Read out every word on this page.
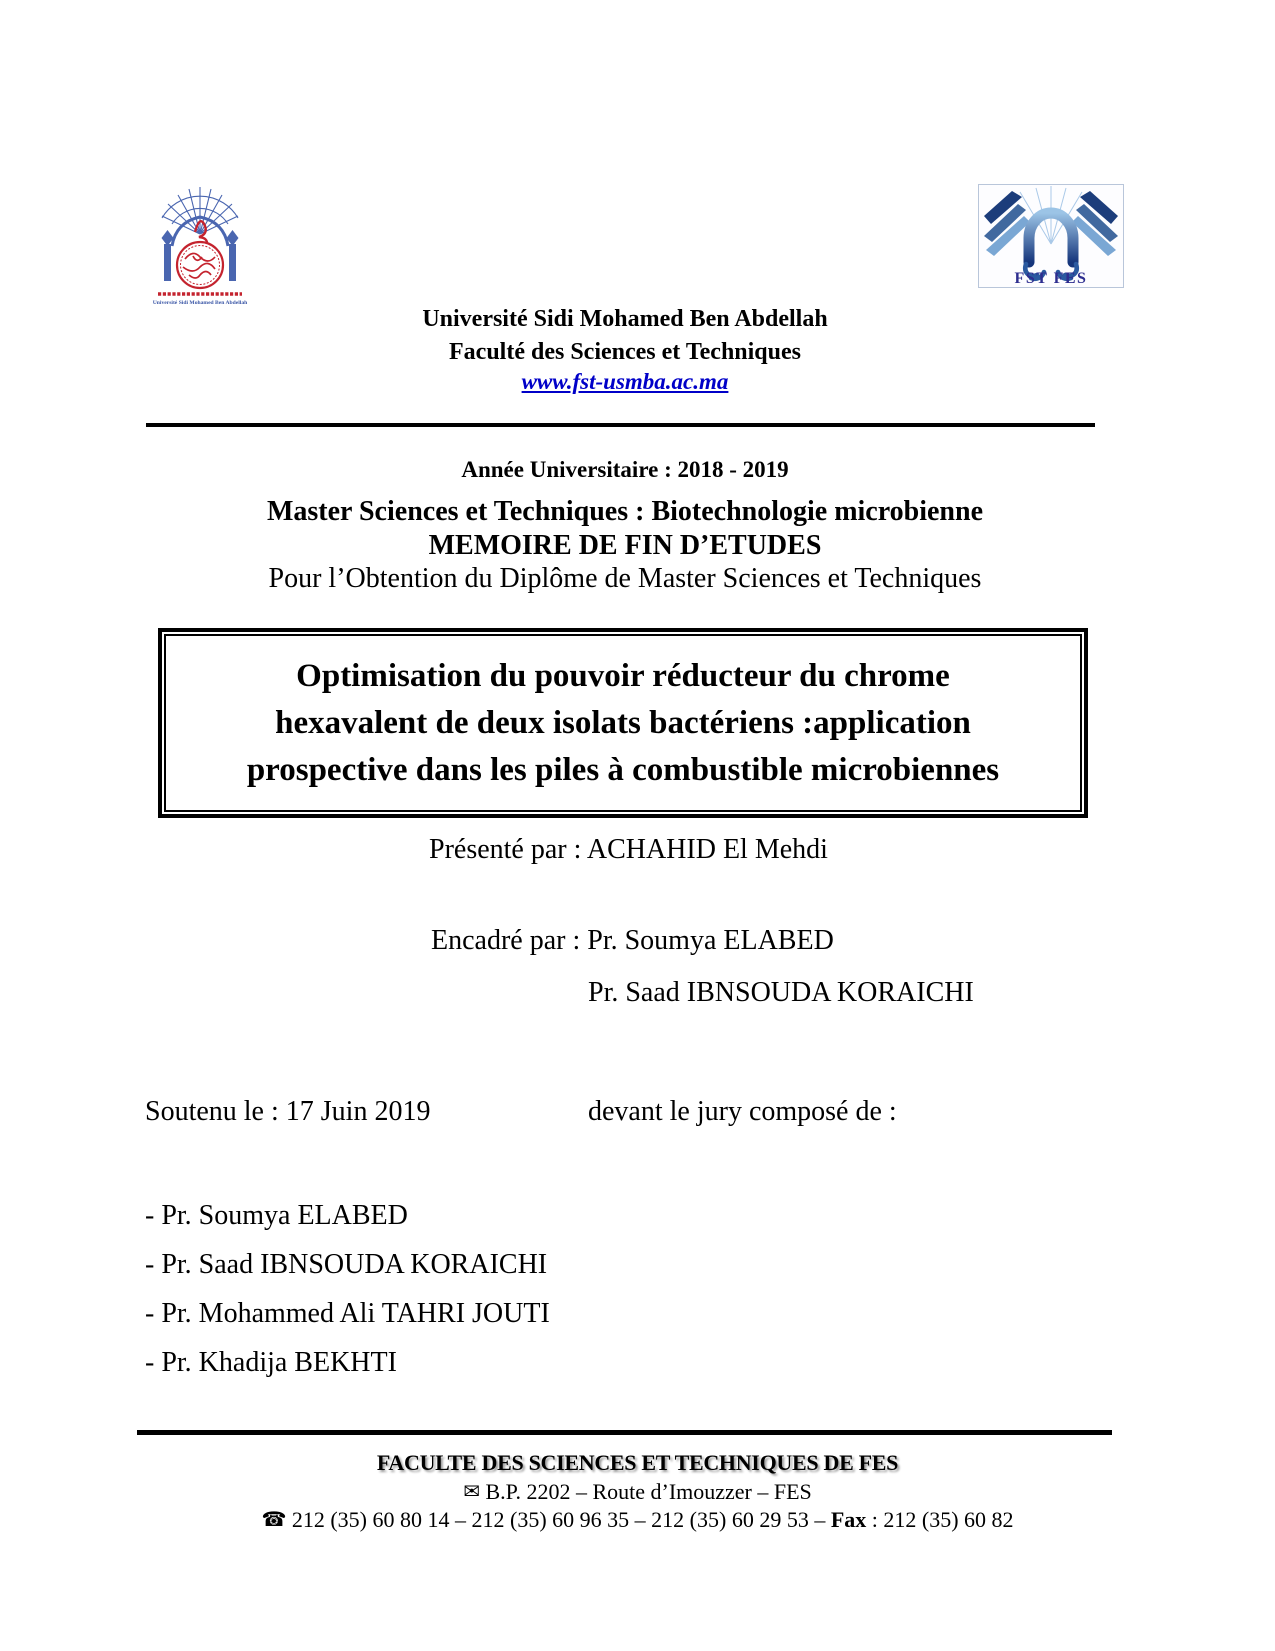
Université Sidi Mohamed Ben Abdellah
FST FES
Université Sidi Mohamed Ben Abdellah
Faculté des Sciences et Techniques
www.fst-usmba.ac.ma
Année Universitaire : 2018 - 2019
Master Sciences et Techniques : Biotechnologie microbienne
MEMOIRE DE FIN D’ETUDES
Pour l’Obtention du Diplôme de Master Sciences et Techniques
Optimisation du pouvoir réducteur du chrome
hexavalent de deux isolats bactériens :application
prospective dans les piles à combustible microbiennes
Présenté par : ACHAHID El Mehdi
Encadré par : Pr. Soumya ELABED
Pr. Saad IBNSOUDA KORAICHI
Soutenu le : 17 Juin 2019	devant le jury composé de :
- Pr. Soumya ELABED
- Pr. Saad IBNSOUDA KORAICHI
- Pr. Mohammed Ali TAHRI JOUTI
- Pr. Khadija BEKHTI
FACULTE DES SCIENCES ET TECHNIQUES DE FES
✉ B.P. 2202 – Route d’Imouzzer – FES
☎ 212 (35) 60 80 14 – 212 (35) 60 96 35 – 212 (35) 60 29 53 – Fax : 212 (35) 60 82
